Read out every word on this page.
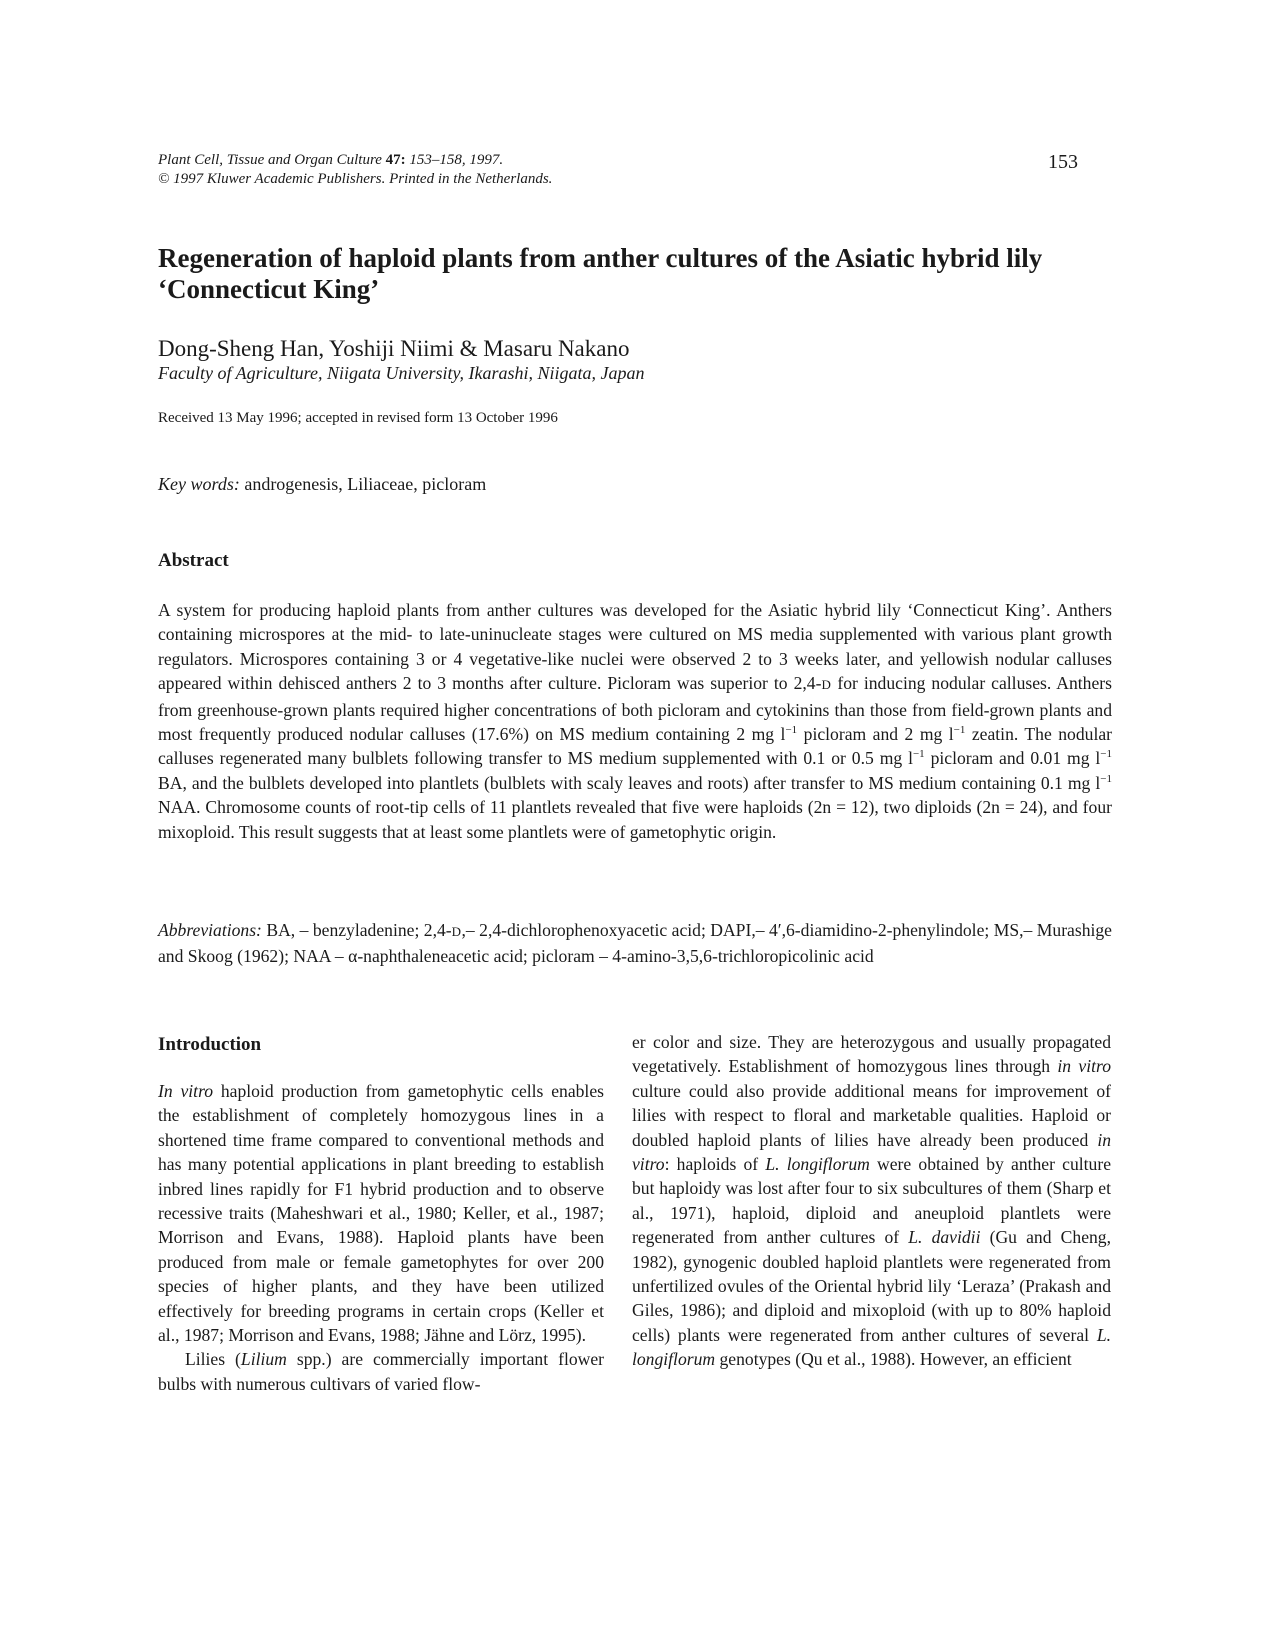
Plant Cell, Tissue and Organ Culture 47: 153–158, 1997.
© 1997 Kluwer Academic Publishers. Printed in the Netherlands.
153
Regeneration of haploid plants from anther cultures of the Asiatic hybrid lily ‘Connecticut King’
Dong-Sheng Han, Yoshiji Niimi & Masaru Nakano
Faculty of Agriculture, Niigata University, Ikarashi, Niigata, Japan
Received 13 May 1996; accepted in revised form 13 October 1996
Key words: androgenesis, Liliaceae, picloram
Abstract
A system for producing haploid plants from anther cultures was developed for the Asiatic hybrid lily ‘Connecticut King’. Anthers containing microspores at the mid- to late-uninucleate stages were cultured on MS media supplemented with various plant growth regulators. Microspores containing 3 or 4 vegetative-like nuclei were observed 2 to 3 weeks later, and yellowish nodular calluses appeared within dehisced anthers 2 to 3 months after culture. Picloram was superior to 2,4-D for inducing nodular calluses. Anthers from greenhouse-grown plants required higher concentrations of both picloram and cytokinins than those from field-grown plants and most frequently produced nodular calluses (17.6%) on MS medium containing 2 mg $l^{-1}$ picloram and 2 mg $l^{-1}$ zeatin. The nodular calluses regenerated many bulblets following transfer to MS medium supplemented with 0.1 or 0.5 mg $l^{-1}$ picloram and 0.01 mg $l^{-1}$ BA, and the bulblets developed into plantlets (bulblets with scaly leaves and roots) after transfer to MS medium containing 0.1 mg $l^{-1}$ NAA. Chromosome counts of root-tip cells of 11 plantlets revealed that five were haploids (2n = 12), two diploids (2n = 24), and four mixoploid. This result suggests that at least some plantlets were of gametophytic origin.
Abbreviations: BA, – benzyladenine; 2,4-D,– 2,4-dichlorophenoxyacetic acid; DAPI,– 4′,6-diamidino-2-phenylindole; MS,– Murashige and Skoog (1962); NAA – α-naphthaleneacetic acid; picloram – 4-amino-3,5,6-trichloropicolinic acid
Introduction

In vitro haploid production from gametophytic cells enables the establishment of completely homozygous lines in a shortened time frame compared to conventional methods and has many potential applications in plant breeding to establish inbred lines rapidly for F1 hybrid production and to observe recessive traits (Maheshwari et al., 1980; Keller, et al., 1987; Morrison and Evans, 1988). Haploid plants have been produced from male or female gametophytes for over 200 species of higher plants, and they have been utilized effectively for breeding programs in certain crops (Keller et al., 1987; Morrison and Evans, 1988; Jähne and Lörz, 1995).

Lilies (Lilium spp.) are commercially important flower bulbs with numerous cultivars of varied flow-

er color and size. They are heterozygous and usually propagated vegetatively. Establishment of homozygous lines through in vitro culture could also provide additional means for improvement of lilies with respect to floral and marketable qualities. Haploid or doubled haploid plants of lilies have already been produced in vitro: haploids of L. longiflorum were obtained by anther culture but haploidy was lost after four to six subcultures of them (Sharp et al., 1971), haploid, diploid and aneuploid plantlets were regenerated from anther cultures of L. davidii (Gu and Cheng, 1982), gynogenic doubled haploid plantlets were regenerated from unfertilized ovules of the Oriental hybrid lily ‘Leraza’ (Prakash and Giles, 1986); and diploid and mixoploid (with up to 80% haploid cells) plants were regenerated from anther cultures of several L. longiflorum genotypes (Qu et al., 1988). However, an efficient
